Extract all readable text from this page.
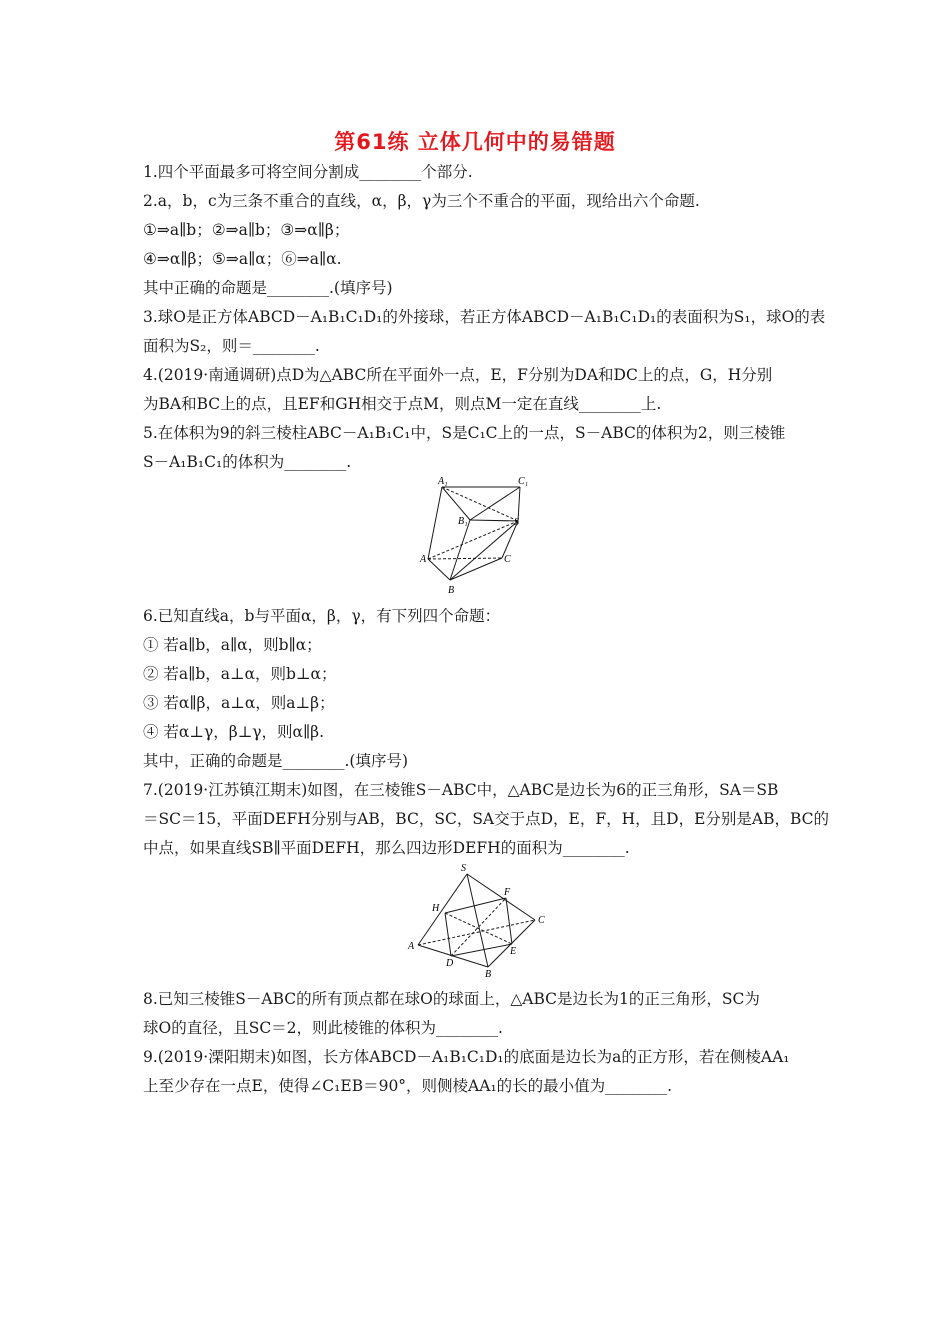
第61练 立体几何中的易错题
1.四个平面最多可将空间分割成________个部分.
2.a，b，c为三条不重合的直线，α，β，γ为三个不重合的平面，现给出六个命题.
①⇒a∥b；②⇒a∥b；③⇒α∥β；
④⇒α∥β；⑤⇒a∥α；⑥⇒a∥α.
其中正确的命题是________.(填序号)
3.球O是正方体ABCD－A₁B₁C₁D₁的外接球，若正方体ABCD－A₁B₁C₁D₁的表面积为S₁，球O的表
面积为S₂，则＝________.
4.(2019·南通调研)点D为△ABC所在平面外一点，E，F分别为DA和DC上的点，G，H分别
为BA和BC上的点，且EF和GH相交于点M，则点M一定在直线________上.
5.在体积为9的斜三棱柱ABC－A₁B₁C₁中，S是C₁C上的一点，S－ABC的体积为2，则三棱锥
S－A₁B₁C₁的体积为________.
A₁	C₁
B₁	S
A	C
B
6.已知直线a，b与平面α，β，γ，有下列四个命题：
① 若a∥b，a∥α，则b∥α；
② 若a∥b，a⊥α，则b⊥α；
③ 若α∥β，a⊥α，则a⊥β；
④ 若α⊥γ，β⊥γ，则α∥β.
其中，正确的命题是________.(填序号)
7.(2019·江苏镇江期末)如图，在三棱锥S－ABC中，△ABC是边长为6的正三角形，SA＝SB
＝SC＝15，平面DEFH分别与AB，BC，SC，SA交于点D，E，F，H，且D，E分别是AB，BC的
中点，如果直线SB∥平面DEFH，那么四边形DEFH的面积为________.
S
F
H
C
A	E
D
B
8.已知三棱锥S－ABC的所有顶点都在球O的球面上，△ABC是边长为1的正三角形，SC为
球O的直径，且SC＝2，则此棱锥的体积为________.
9.(2019·溧阳期末)如图，长方体ABCD－A₁B₁C₁D₁的底面是边长为a的正方形，若在侧棱AA₁
上至少存在一点E，使得∠C₁EB＝90°，则侧棱AA₁的长的最小值为________.
